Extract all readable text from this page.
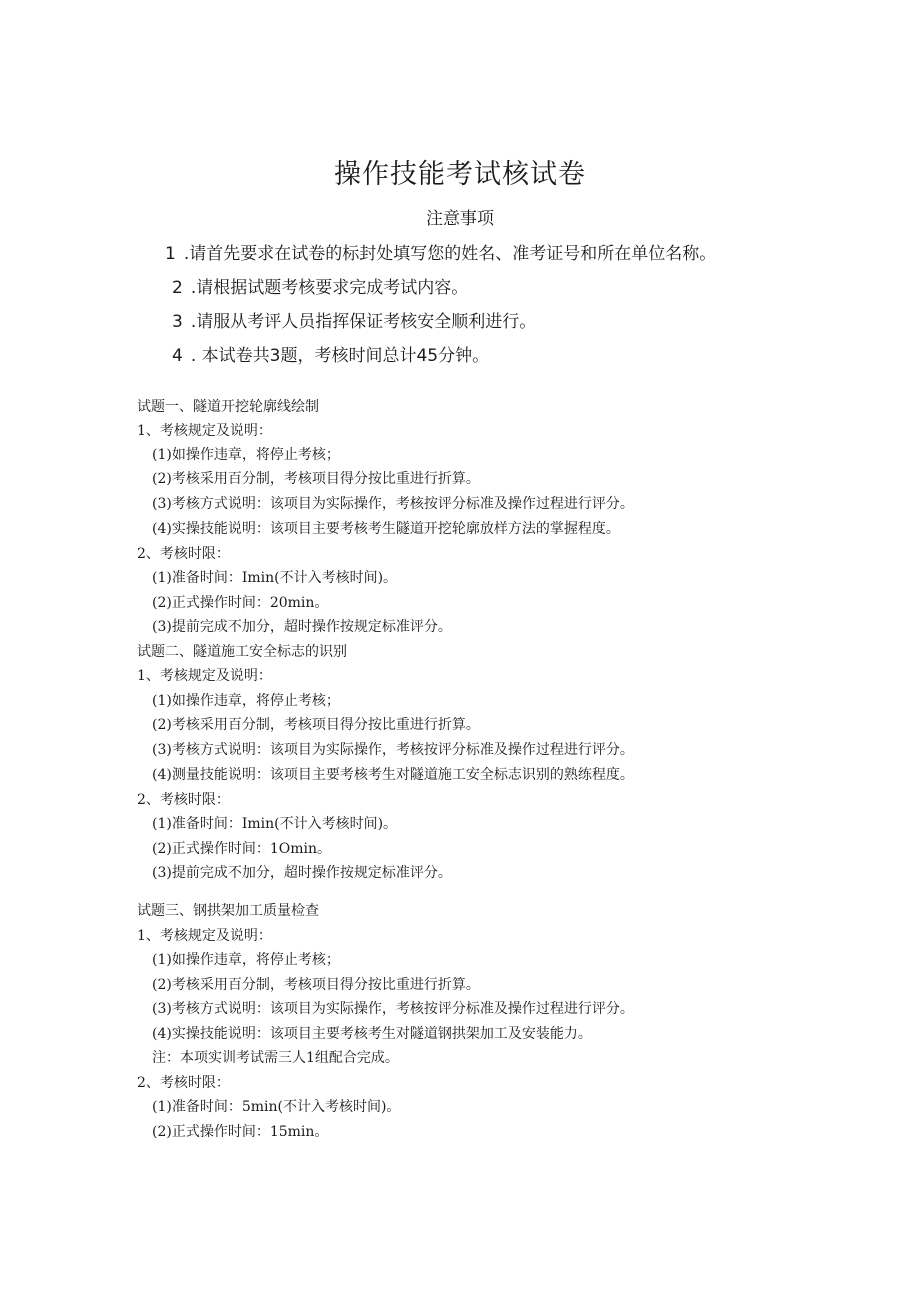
操作技能考试核试卷
注意事项
1 .请首先要求在试卷的标封处填写您的姓名、准考证号和所在单位名称。
2 .请根据试题考核要求完成考试内容。
3 .请服从考评人员指挥保证考核安全顺利进行。
4 . 本试卷共3题，考核时间总计45分钟。
试题一、隧道开挖轮廓线绘制
1、考核规定及说明：
(1)如操作违章，将停止考核；
(2)考核采用百分制，考核项目得分按比重进行折算。
(3)考核方式说明：该项目为实际操作，考核按评分标准及操作过程进行评分。
(4)实操技能说明：该项目主要考核考生隧道开挖轮廓放样方法的掌握程度。
2、考核时限：
(1)准备时间：Imin(不计入考核时间)。
(2)正式操作时间：20min。
(3)提前完成不加分，超时操作按规定标准评分。
试题二、隧道施工安全标志的识别
1、考核规定及说明：
(1)如操作违章，将停止考核；
(2)考核采用百分制，考核项目得分按比重进行折算。
(3)考核方式说明：该项目为实际操作，考核按评分标准及操作过程进行评分。
(4)测量技能说明：该项目主要考核考生对隧道施工安全标志识别的熟练程度。
2、考核时限：
(1)准备时间：Imin(不计入考核时间)。
(2)正式操作时间：1Omin。
(3)提前完成不加分，超时操作按规定标准评分。
试题三、钢拱架加工质量检查
1、考核规定及说明：
(1)如操作违章，将停止考核；
(2)考核采用百分制，考核项目得分按比重进行折算。
(3)考核方式说明：该项目为实际操作，考核按评分标准及操作过程进行评分。
(4)实操技能说明：该项目主要考核考生对隧道钢拱架加工及安装能力。
注：本项实训考试需三人1组配合完成。
2、考核时限：
(1)准备时间：5min(不计入考核时间)。
(2)正式操作时间：15min。
